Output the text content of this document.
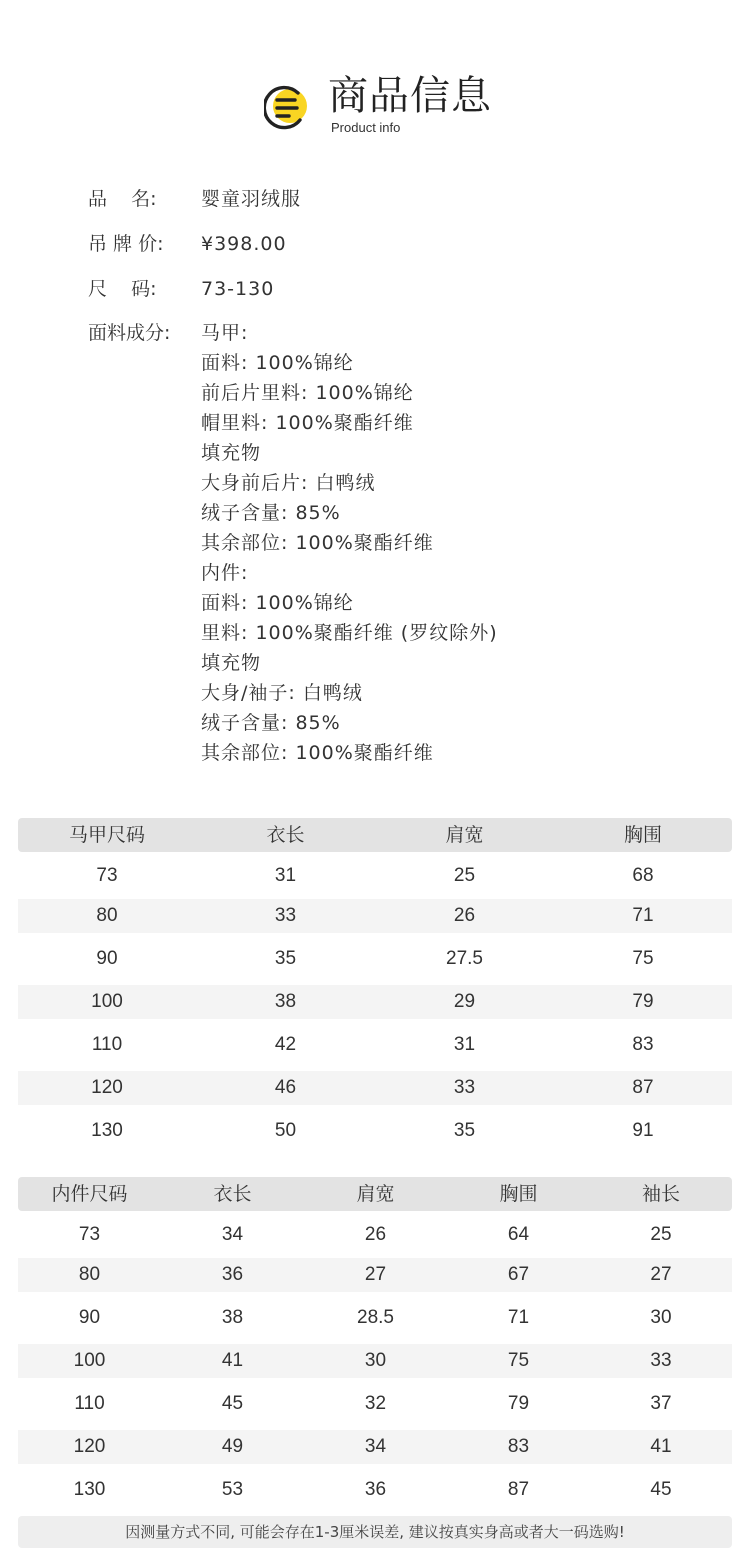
商品信息
Product info
品    名:	婴童羽绒服
吊 牌 价:	¥398.00
尺    码:	73-130
面料成分:	马甲:
面料: 100%锦纶
前后片里料: 100%锦纶
帽里料: 100%聚酯纤维
填充物
大身前后片: 白鸭绒
绒子含量: 85%
其余部位: 100%聚酯纤维
内件:
面料: 100%锦纶
里料: 100%聚酯纤维 (罗纹除外)
填充物
大身/袖子: 白鸭绒
绒子含量: 85%
其余部位: 100%聚酯纤维
马甲尺码	衣长	肩宽	胸围
73	31	25	68
80	33	26	71
90	35	27.5	75
100	38	29	79
110	42	31	83
120	46	33	87
130	50	35	91
内件尺码	衣长	肩宽	胸围	袖长
73	34	26	64	25
80	36	27	67	27
90	38	28.5	71	30
100	41	30	75	33
110	45	32	79	37
120	49	34	83	41
130	53	36	87	45
因测量方式不同, 可能会存在1-3厘米误差, 建议按真实身高或者大一码选购!
